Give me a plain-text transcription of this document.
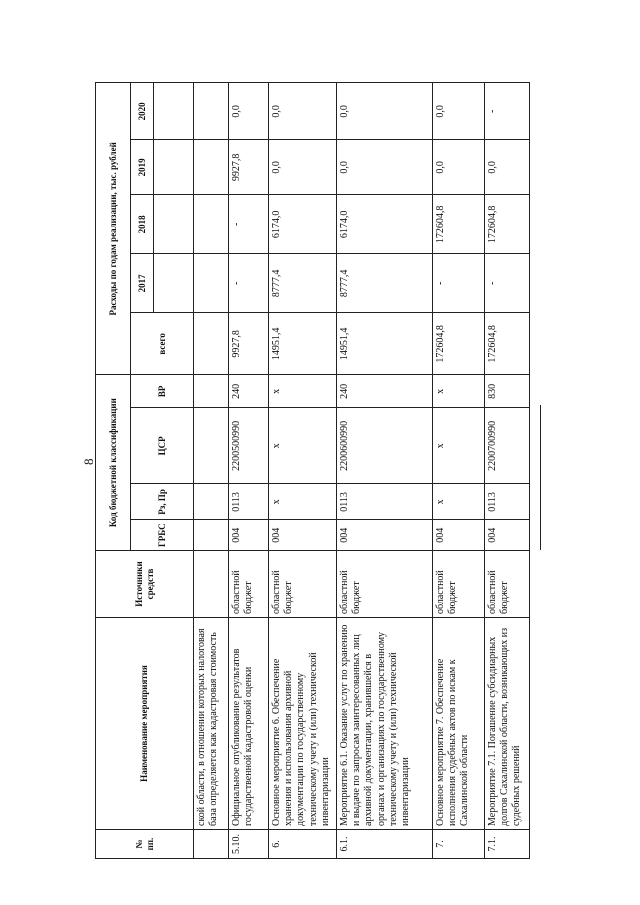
8
№ пп.	Наименование мероприятия	Источники средств	Код бюджетной классификации				Расходы по годам реализации, тыс. рублей				
			ГРБС	Рз, Пр	ЦСР	ВР	всего	2017	2018	2019	2020

	ской области, в отношении которых налоговая база определяется как кадастровая стоимость										
5.10.	Официальное опубликование результатов государственной кадастровой оценки	областной бюджет	004	0113	2200500990	240	9927,8	-	-	9927,8	0,0
6.	Основное мероприятие 6. Обеспечение хранения и использования архивной документации по государственному техническому учету и (или) технической инвентаризации	областной бюджет	004	х	х	х	14951,4	8777,4	6174,0	0,0	0,0
6.1.	Мероприятие 6.1. Оказание услуг по хранению и выдаче по запросам заинтересованных лиц архивной документации, хранившейся в органах и организациях по государственному техническому учету и (или) технической инвентаризации	областной бюджет	004	0113	2200600990	240	14951,4	8777,4	6174,0	0,0	0,0
7.	Основное мероприятие 7. Обеспечение исполнения судебных актов по искам к Сахалинской области	областной бюджет	004	х	х	х	172604,8	-	172604,8	0,0	0,0
7.1.	Мероприятие 7.1. Погашение субсидиарных долгов Сахалинской области, возникающих из судебных решений	областной бюджет	004	0113	2200700990	830	172604,8	-	172604,8	0,0	-
